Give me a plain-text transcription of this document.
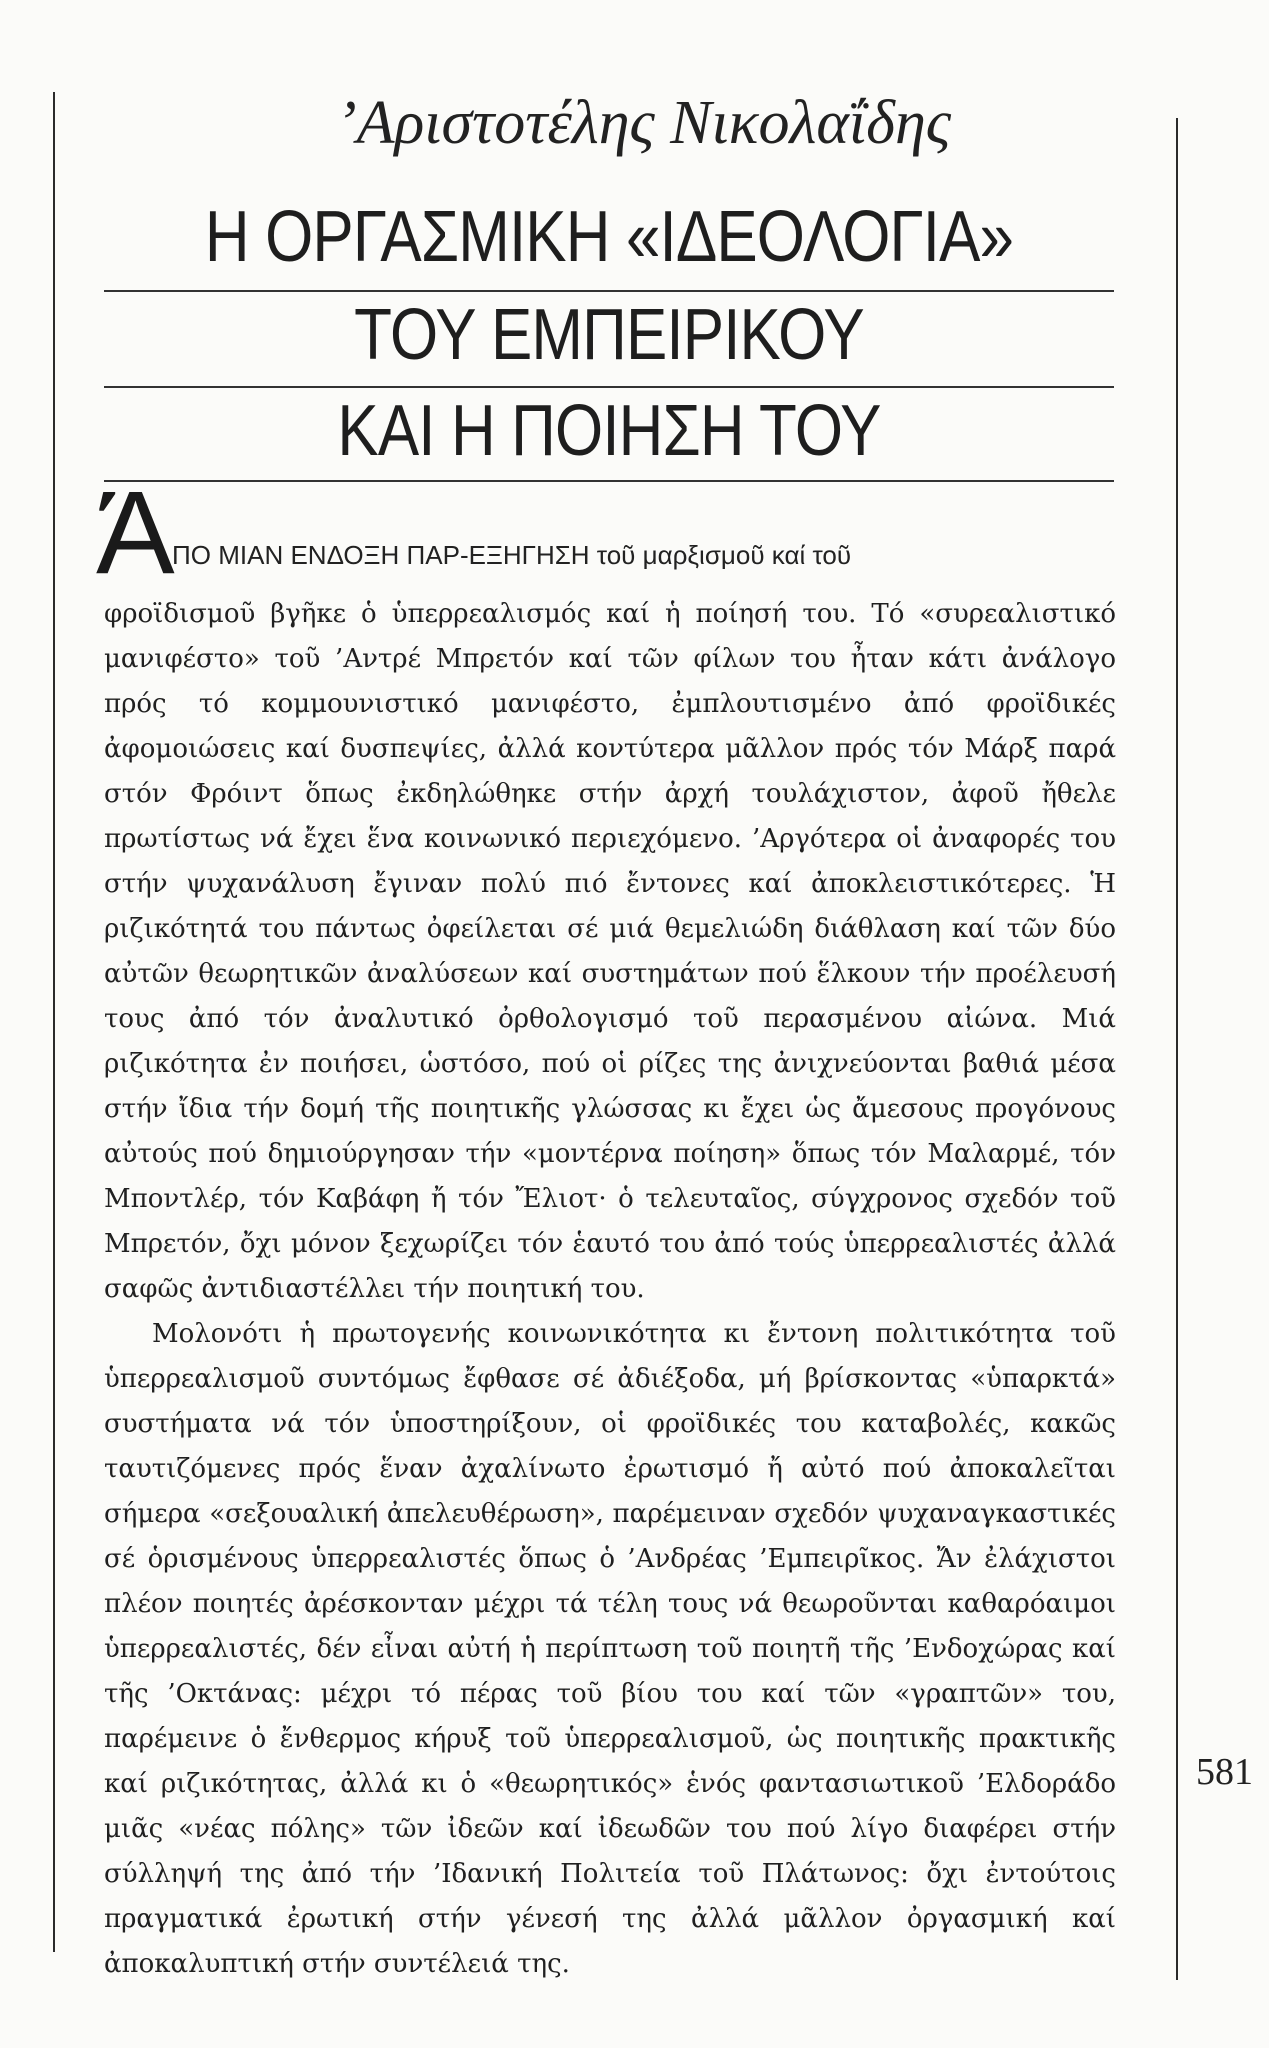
’Αριστοτέλης Νικολαΐδης
Η ΟΡΓΑΣΜΙΚΗ «ΙΔΕΟΛΟΓΙΑ»
ΤΟΥ ΕΜΠΕΙΡΙΚΟΥ
ΚΑΙ Η ΠΟΙΗΣΗ ΤΟΥ
Ά
ΠΟ ΜΙΑΝ ΕΝΔΟΞΗ ΠΑΡ-ΕΞΗΓΗΣΗ τοῦ μαρξισμοῦ καί τοῦ

φροϊδισμοῦ βγῆκε ὁ ὑπερρεαλισμός καί ἡ ποίησή του. Τό «συρεαλιστικό μανιφέστο» τοῦ ’Αντρέ Μπρετόν καί τῶν φίλων του ἦταν κάτι ἀνάλογο πρός τό κομμουνιστικό μανιφέστο, ἐμπλουτισμένο ἀπό φροϊδικές ἀφομοιώσεις καί δυσπεψίες, ἀλλά κοντύτερα μᾶλλον πρός τόν Μάρξ παρά στόν Φρόιντ ὅπως ἐκδηλώθηκε στήν ἀρχή τουλάχιστον, ἀφοῦ ἤθελε πρωτίστως νά ἔχει ἕνα κοινωνικό περιεχόμενο. ’Αργότερα οἱ ἀναφορές του στήν ψυχανάλυση ἔγιναν πολύ πιό ἔντονες καί ἀποκλειστικότερες. Ἡ ριζικότητά του πάντως ὀφείλεται σέ μιά θεμελιώδη διάθλαση καί τῶν δύο αὐτῶν θεωρητικῶν ἀναλύσεων καί συστημάτων πού ἕλκουν τήν προέλευσή τους ἀπό τόν ἀναλυτικό ὀρθολογισμό τοῦ περασμένου αἰώνα. Μιά ριζικότητα ἐν ποιήσει, ὡστόσο, πού οἱ ρίζες της ἀνιχνεύονται βαθιά μέσα στήν ἴδια τήν δομή τῆς ποιητικῆς γλώσσας κι ἔχει ὡς ἄμεσους προγόνους αὐτούς πού δημιούργησαν τήν «μοντέρνα ποίηση» ὅπως τόν Μαλαρμέ, τόν Μποντλέρ, τόν Καβάφη ἤ τόν Ἔλιοτ· ὁ τελευταῖος, σύγχρονος σχεδόν τοῦ Μπρετόν, ὄχι μόνον ξεχωρίζει τόν ἑαυτό του ἀπό τούς ὑπερρεαλιστές ἀλλά σαφῶς ἀντιδιαστέλλει τήν ποιητική του.

Μολονότι ἡ πρωτογενής κοινωνικότητα κι ἔντονη πολιτικότητα τοῦ ὑπερρεαλισμοῦ συντόμως ἔφθασε σέ ἀδιέξοδα, μή βρίσκοντας «ὑπαρκτά» συστήματα νά τόν ὑποστηρίξουν, οἱ φροϊδικές του καταβολές, κακῶς ταυτιζόμενες πρός ἕναν ἀχαλίνωτο ἐρωτισμό ἤ αὐτό πού ἀποκαλεῖται σήμερα «σεξουαλική ἀπελευθέρωση», παρέμειναν σχεδόν ψυχαναγκαστικές σέ ὁρισμένους ὑπερρεαλιστές ὅπως ὁ ’Ανδρέας ’Εμπειρῖκος. Ἄν ἐλάχιστοι πλέον ποιητές ἀρέσκονταν μέχρι τά τέλη τους νά θεωροῦνται καθαρόαιμοι ὑπερρεαλιστές, δέν εἶναι αὐτή ἡ περίπτωση τοῦ ποιητῆ τῆς ’Ενδοχώρας καί τῆς ’Οκτάνας: μέχρι τό πέρας τοῦ βίου του καί τῶν «γραπτῶν» του, παρέμεινε ὁ ἔνθερμος κήρυξ τοῦ ὑπερρεαλισμοῦ, ὡς ποιητικῆς πρακτικῆς καί ριζικότητας, ἀλλά κι ὁ «θεωρητικός» ἑνός φαντασιωτικοῦ ’Ελδοράδο μιᾶς «νέας πόλης» τῶν ἰδεῶν καί ἰδεωδῶν του πού λίγο διαφέρει στήν σύλληψή της ἀπό τήν ’Ιδανική Πολιτεία τοῦ Πλάτωνος: ὄχι ἐντούτοις πραγματικά ἐρωτική στήν γένεσή της ἀλλά μᾶλλον ὀργασμική καί ἀποκαλυπτική στήν συντέλειά της.

581
